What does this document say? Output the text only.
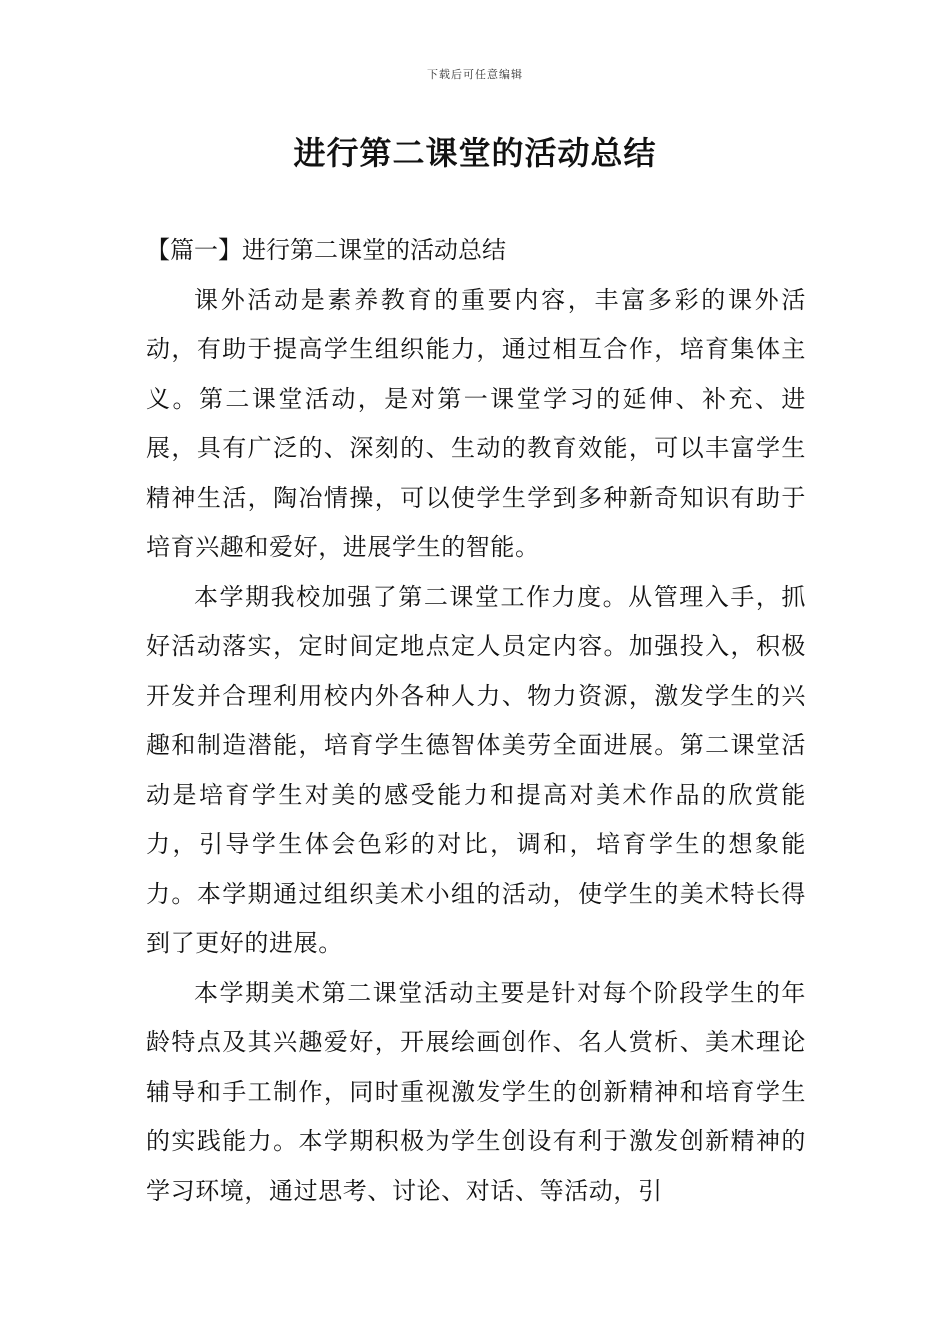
下载后可任意编辑
进行第二课堂的活动总结

【篇一】进行第二课堂的活动总结

课外活动是素养教育的重要内容，丰富多彩的课外活动，有助于提高学生组织能力，通过相互合作，培育集体主义。第二课堂活动，是对第一课堂学习的延伸、补充、进展，具有广泛的、深刻的、生动的教育效能，可以丰富学生精神生活，陶冶情操，可以使学生学到多种新奇知识有助于培育兴趣和爱好，进展学生的智能。

本学期我校加强了第二课堂工作力度。从管理入手，抓好活动落实，定时间定地点定人员定内容。加强投入，积极开发并合理利用校内外各种人力、物力资源，激发学生的兴趣和制造潜能，培育学生德智体美劳全面进展。第二课堂活动是培育学生对美的感受能力和提高对美术作品的欣赏能力，引导学生体会色彩的对比，调和，培育学生的想象能力。本学期通过组织美术小组的活动，使学生的美术特长得到了更好的进展。

本学期美术第二课堂活动主要是针对每个阶段学生的年龄特点及其兴趣爱好，开展绘画创作、名人赏析、美术理论辅导和手工制作，同时重视激发学生的创新精神和培育学生的实践能力。本学期积极为学生创设有利于激发创新精神的学习环境，通过思考、讨论、对话、等活动，引
